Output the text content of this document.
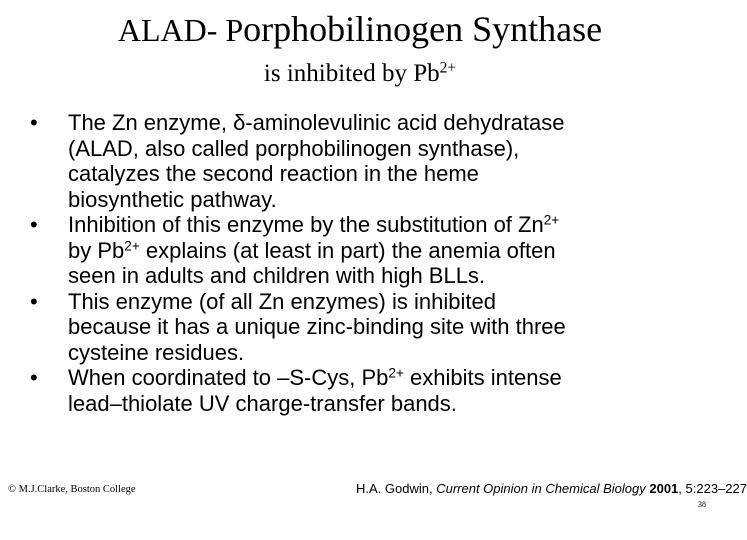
ALAD- Porphobilinogen Synthase
is inhibited by $Pb^{2+}$
• The Zn enzyme, δ-aminolevulinic acid dehydratase
(ALAD, also called porphobilinogen synthase),
catalyzes the second reaction in the heme
biosynthetic pathway.
• Inhibition of this enzyme by the substitution of $Zn^{2+}$
by $Pb^{2+}$ explains (at least in part) the anemia often
seen in adults and children with high BLLs.
• This enzyme (of all Zn enzymes) is inhibited
because it has a unique zinc-binding site with three
cysteine residues.
• When coordinated to –S-Cys, $Pb^{2+}$ exhibits intense
lead–thiolate UV charge-transfer bands.
© M.J.Clarke, Boston College	H.A. Godwin, Current Opinion in Chemical Biology 2001, 5:223–227
38
